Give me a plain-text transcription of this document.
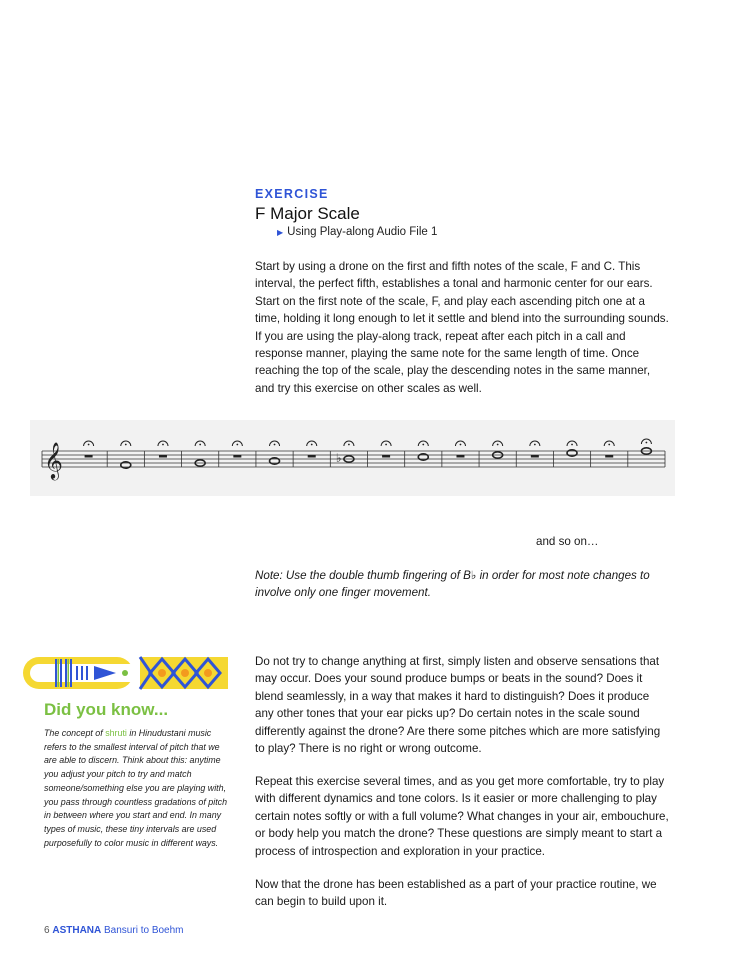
EXERCISE
F Major Scale
▶ Using Play-along Audio File 1

Start by using a drone on the first and fifth notes of the scale, F and C. This interval, the perfect fifth, establishes a tonal and harmonic center for our ears. Start on the first note of the scale, F, and play each ascending pitch one at a time, holding it long enough to let it settle and blend into the surrounding sounds. If you are using the play-along track, repeat after each pitch in a call and response manner, playing the same note for the same length of time. Once reaching the top of the scale, play the descending notes in the same manner, and try this exercise on other scales as well.

𝄞	♭
and so on…

Note: Use the double thumb fingering of B♭ in order for most note changes to involve only one finger movement.

Did you know...

The concept of shruti in Hinudustani music refers to the smallest interval of pitch that we are able to discern. Think about this: anytime you adjust your pitch to try and match someone/something else you are playing with, you pass through countless gradations of pitch in between where you start and end. In many types of music, these tiny intervals are used purposefully to color music in different ways.

Do not try to change anything at first, simply listen and observe sensations that may occur. Does your sound produce bumps or beats in the sound? Does it blend seamlessly, in a way that makes it hard to distinguish? Does it produce any other tones that your ear picks up? Do certain notes in the scale sound differently against the drone? Are there some pitches which are more satisfying to play? There is no right or wrong outcome.

Repeat this exercise several times, and as you get more comfortable, try to play with different dynamics and tone colors. Is it easier or more challenging to play certain notes softly or with a full volume? What changes in your air, embouchure, or body help you match the drone? These questions are simply meant to start a process of introspection and exploration in your practice.

Now that the drone has been established as a part of your practice routine, we can begin to build upon it.

6 ASTHANA Bansuri to Boehm
